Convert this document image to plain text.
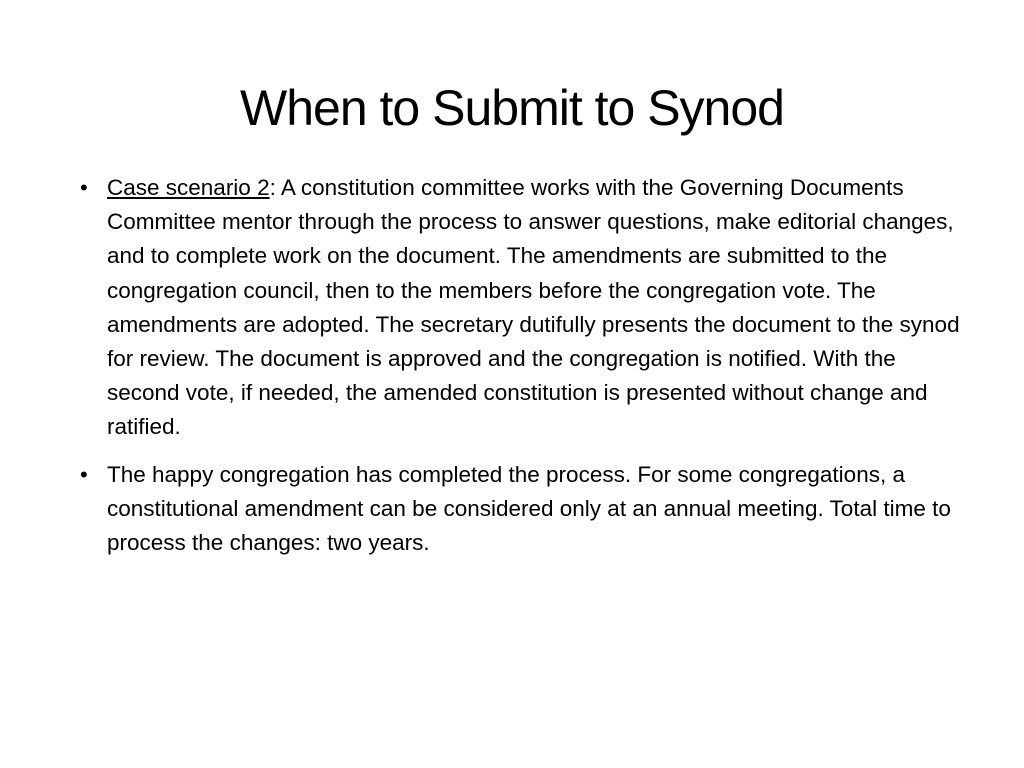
When to Submit to Synod
• Case scenario 2: A constitution committee works with the Governing Documents Committee mentor through the process to answer questions, make editorial changes, and to complete work on the document. The amendments are submitted to the congregation council, then to the members before the congregation vote. The amendments are adopted. The secretary dutifully presents the document to the synod for review. The document is approved and the congregation is notified. With the second vote, if needed, the amended constitution is presented without change and ratified.
• The happy congregation has completed the process. For some congregations, a constitutional amendment can be considered only at an annual meeting. Total time to process the changes: two years.
